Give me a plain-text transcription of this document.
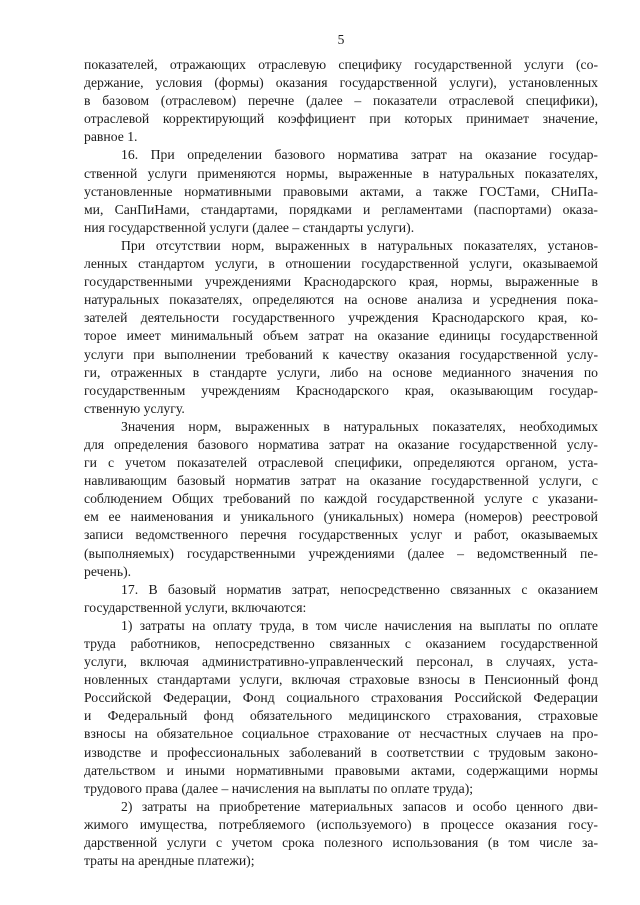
5
показателей, отражающих отраслевую специфику государственной услуги (со-
держание, условия (формы) оказания государственной услуги), установленных
в базовом (отраслевом) перечне (далее – показатели отраслевой специфики),
отраслевой корректирующий коэффициент при которых принимает значение,
равное 1.
16. При определении базового норматива затрат на оказание государ-
ственной услуги применяются нормы, выраженные в натуральных показателях,
установленные нормативными правовыми актами, а также ГОСТами, СНиПа-
ми, СанПиНами, стандартами, порядками и регламентами (паспортами) оказа-
ния государственной услуги (далее – стандарты услуги).
При отсутствии норм, выраженных в натуральных показателях, установ-
ленных стандартом услуги, в отношении государственной услуги, оказываемой
государственными учреждениями Краснодарского края, нормы, выраженные в
натуральных показателях, определяются на основе анализа и усреднения пока-
зателей деятельности государственного учреждения Краснодарского края, ко-
торое имеет минимальный объем затрат на оказание единицы государственной
услуги при выполнении требований к качеству оказания государственной услу-
ги, отраженных в стандарте услуги, либо на основе медианного значения по
государственным учреждениям Краснодарского края, оказывающим государ-
ственную услугу.
Значения норм, выраженных в натуральных показателях, необходимых
для определения базового норматива затрат на оказание государственной услу-
ги с учетом показателей отраслевой специфики, определяются органом, уста-
навливающим базовый норматив затрат на оказание государственной услуги, с
соблюдением Общих требований по каждой государственной услуге с указани-
ем ее наименования и уникального (уникальных) номера (номеров) реестровой
записи ведомственного перечня государственных услуг и работ, оказываемых
(выполняемых) государственными учреждениями (далее – ведомственный пе-
речень).
17. В базовый норматив затрат, непосредственно связанных с оказанием
государственной услуги, включаются:
1) затраты на оплату труда, в том числе начисления на выплаты по оплате
труда работников, непосредственно связанных с оказанием государственной
услуги, включая административно-управленческий персонал, в случаях, уста-
новленных стандартами услуги, включая страховые взносы в Пенсионный фонд
Российской Федерации, Фонд социального страхования Российской Федерации
и Федеральный фонд обязательного медицинского страхования, страховые
взносы на обязательное социальное страхование от несчастных случаев на про-
изводстве и профессиональных заболеваний в соответствии с трудовым законо-
дательством и иными нормативными правовыми актами, содержащими нормы
трудового права (далее – начисления на выплаты по оплате труда);
2) затраты на приобретение материальных запасов и особо ценного дви-
жимого имущества, потребляемого (используемого) в процессе оказания госу-
дарственной услуги с учетом срока полезного использования (в том числе за-
траты на арендные платежи);
